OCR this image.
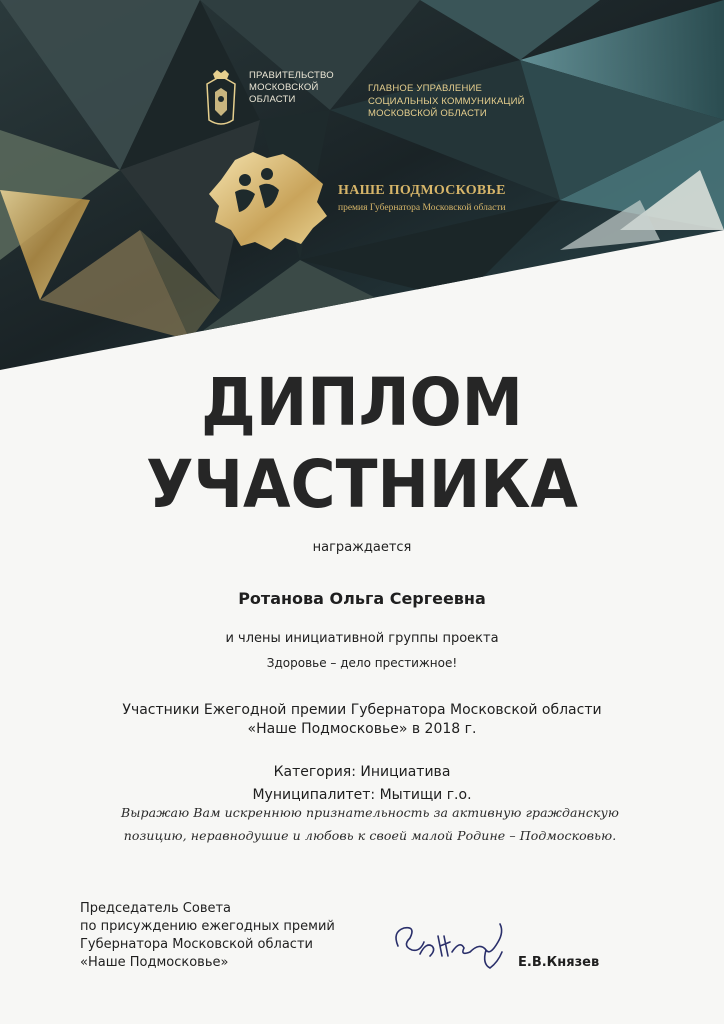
ПРАВИТЕЛЬСТВО
МОСКОВСКОЙ
ОБЛАСТИ
ГЛАВНОЕ УПРАВЛЕНИЕ
СОЦИАЛЬНЫХ КОММУНИКАЦИЙ
МОСКОВСКОЙ ОБЛАСТИ
НАШЕ ПОДМОСКОВЬЕ
премия Губернатора Московской области
ДИПЛОМ
УЧАСТНИКА
награждается
Ротанова Ольга Сергеевна
и члены инициативной группы проекта
Здоровье – дело престижное!
Участники Ежегодной премии Губернатора Московской области
«Наше Подмосковье» в 2018 г.
Категория: Инициатива
Муниципалитет: Мытищи г.о.
Выражаю Вам искреннюю признательность за активную гражданскую
позицию, неравнодушие и любовь к своей малой Родине – Подмосковью.
Председатель Совета
по присуждению ежегодных премий
Губернатора Московской области
«Наше Подмосковье»	Е.В.Князев
